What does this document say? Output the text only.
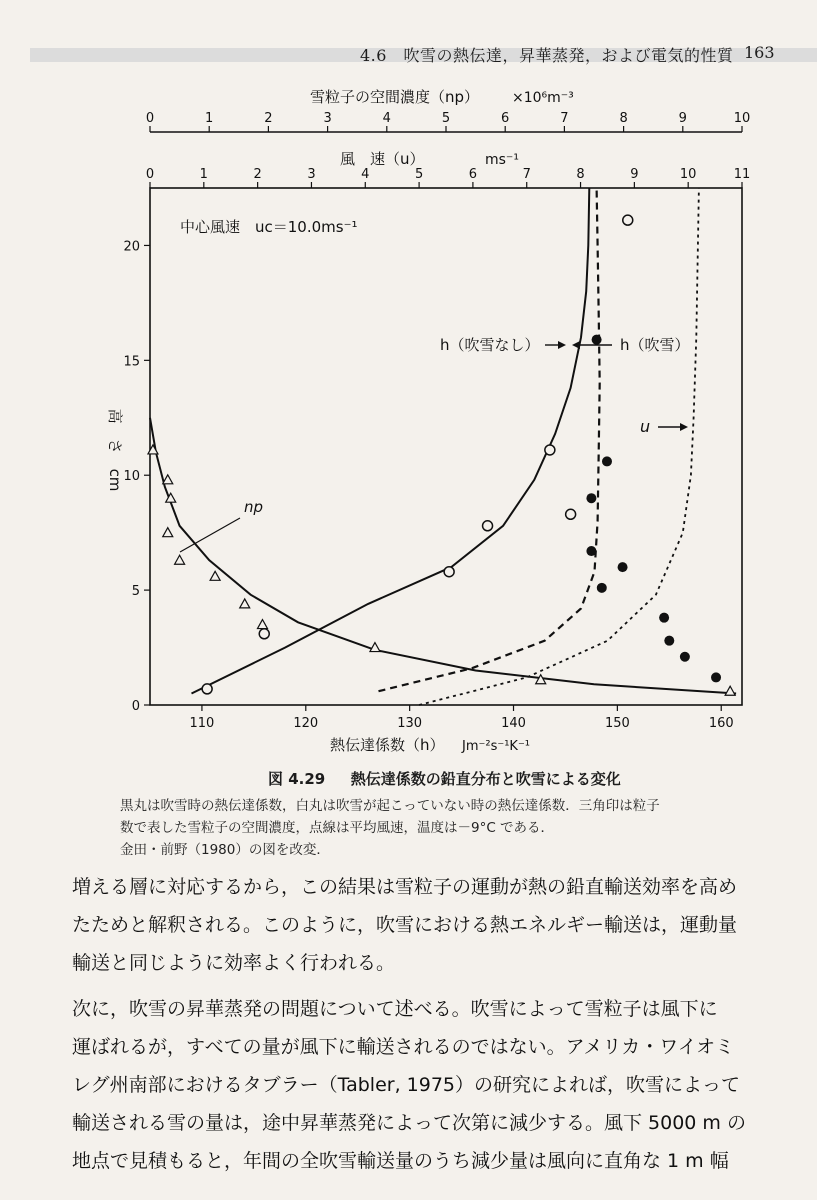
4.6　吹雪の熱伝達，昇華蒸発，および電気的性質 163
0	1	2	3	4	5	6	7	8	9	10
雪粒子の空間濃度（np） ×10⁶m⁻³
0	1	2	3	4	5	6	7	8	9	10	11
風　速（u）	ms⁻¹
110	120	130	140	150	160
熱伝達係数（h） Jm⁻²s⁻¹K⁻¹
0
5
10
15
20
高　さ　cm
中心風速　uc＝10.0ms⁻¹
h（吹雪なし）	h（吹雪）
u
np
図 4.29 　 熱伝達係数の鉛直分布と吹雪による変化
黒丸は吹雪時の熱伝達係数，白丸は吹雪が起こっていない時の熱伝達係数．三角印は粒子
数で表した雪粒子の空間濃度，点線は平均風速，温度は－9°C である．
金田・前野（1980）の図を改変．
増える層に対応するから，この結果は雪粒子の運動が熱の鉛直輸送効率を高め
たためと解釈される。このように，吹雪における熱エネルギー輸送は，運動量
輸送と同じように効率よく行われる。
次に，吹雪の昇華蒸発の問題について述べる。吹雪によって雪粒子は風下に
運ばれるが，すべての量が風下に輸送されるのではない。アメリカ・ワイオミ
レグ州南部におけるタブラー（Tabler, 1975）の研究によれば，吹雪によって
輸送される雪の量は，途中昇華蒸発によって次第に減少する。風下 5000 m の
地点で見積もると，年間の全吹雪輸送量のうち減少量は風向に直角な 1 m 幅
